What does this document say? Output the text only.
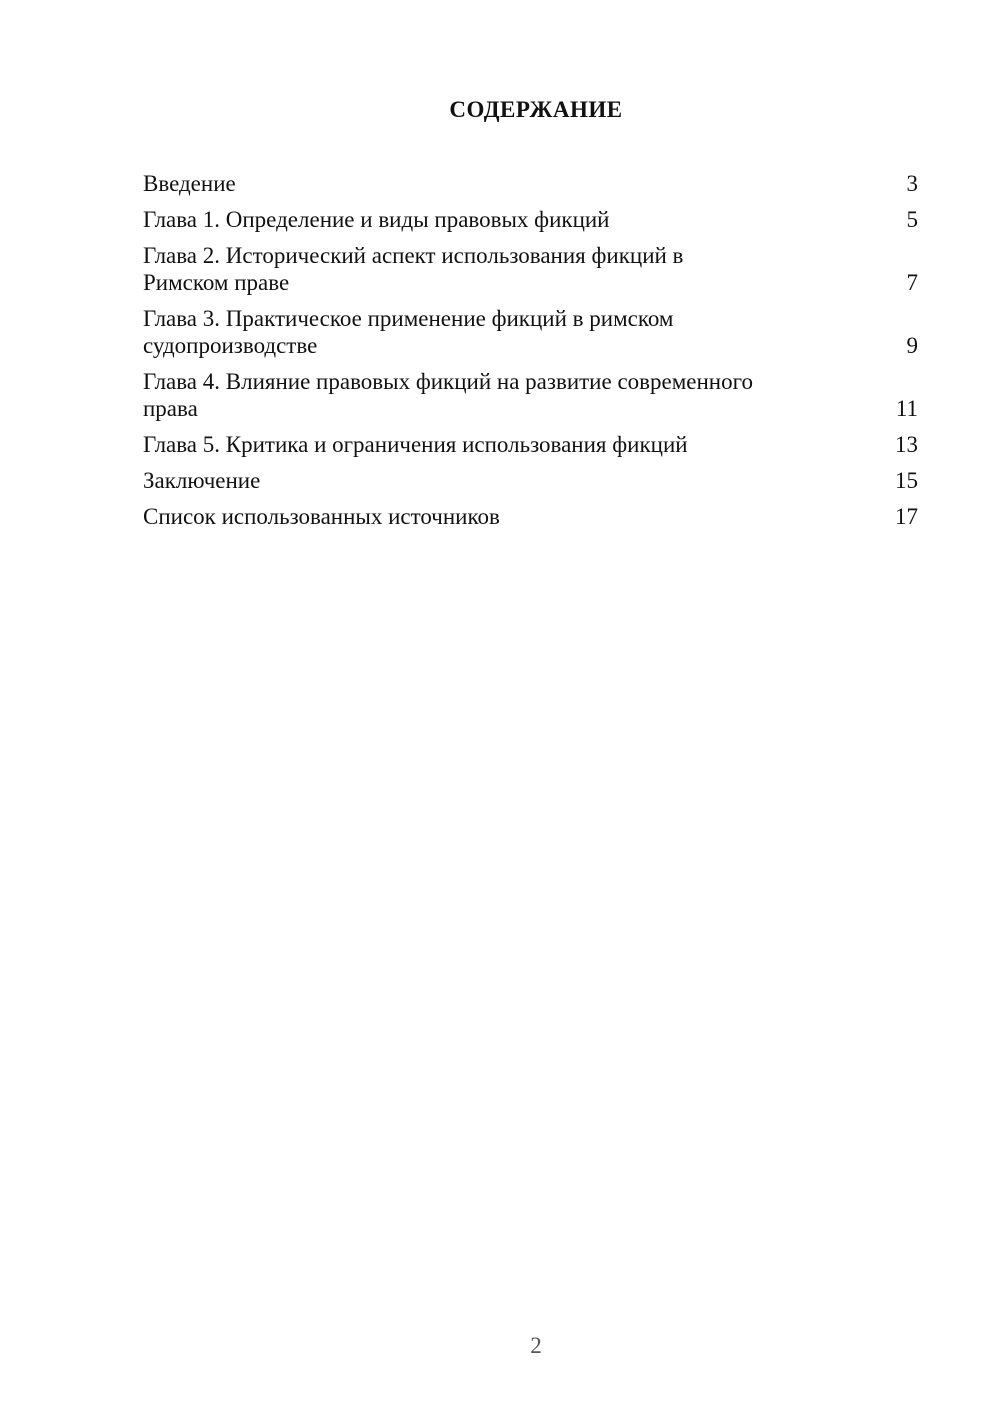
СОДЕРЖАНИЕ
Введение	3
Глава 1. Определение и виды правовых фикций	5
Глава 2. Исторический аспект использования фикций в
Римском праве	7
Глава 3. Практическое применение фикций в римском
судопроизводстве	9
Глава 4. Влияние правовых фикций на развитие современного
права	11
Глава 5. Критика и ограничения использования фикций	13
Заключение	15
Список использованных источников	17
2
